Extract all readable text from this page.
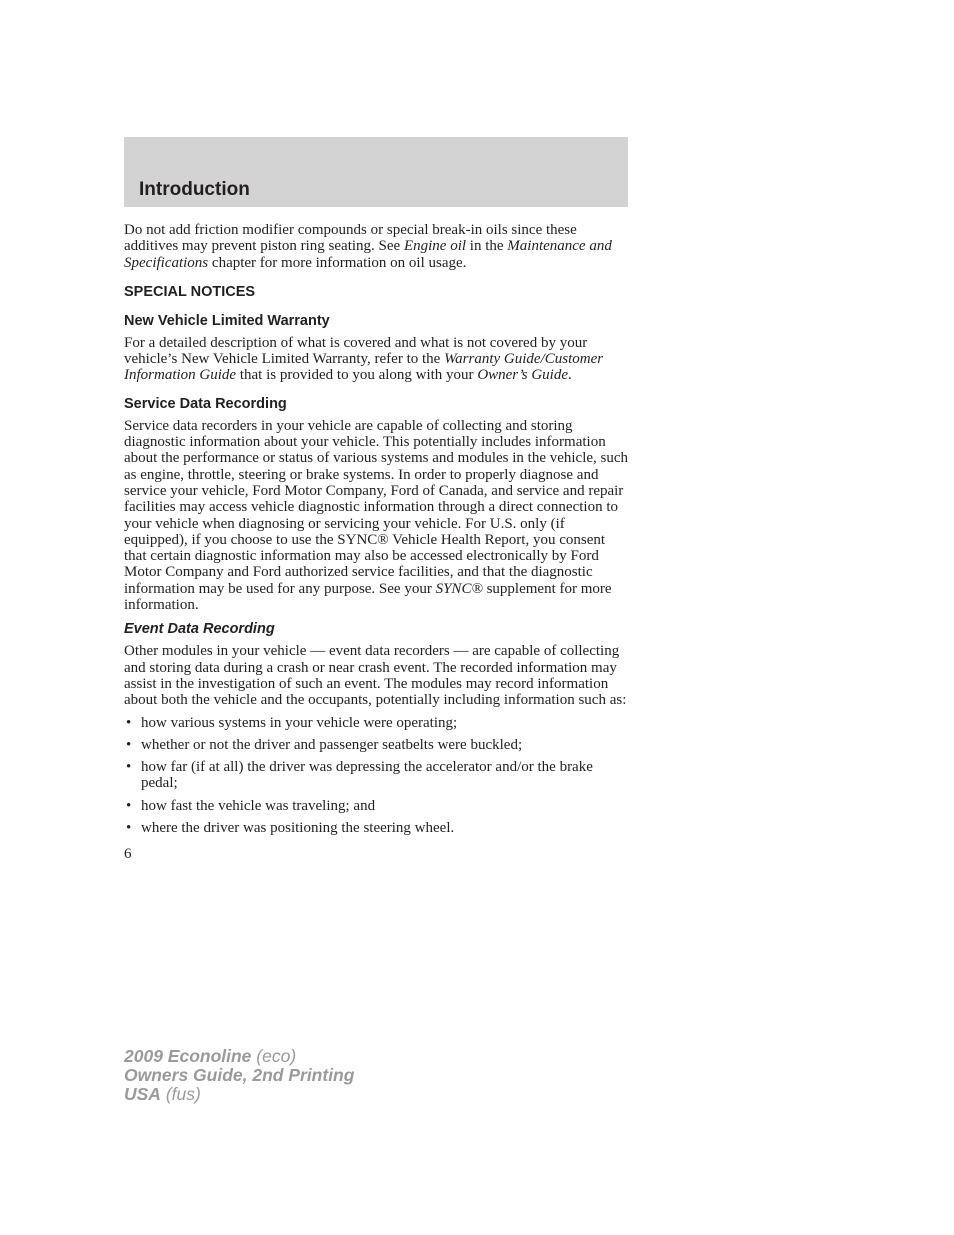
Introduction

Do not add friction modifier compounds or special break-in oils since these additives may prevent piston ring seating. See Engine oil in the Maintenance and Specifications chapter for more information on oil usage.

SPECIAL NOTICES
New Vehicle Limited Warranty

For a detailed description of what is covered and what is not covered by your vehicle’s New Vehicle Limited Warranty, refer to the Warranty Guide/Customer Information Guide that is provided to you along with your Owner’s Guide.

Service Data Recording

Service data recorders in your vehicle are capable of collecting and storing diagnostic information about your vehicle. This potentially includes information about the performance or status of various systems and modules in the vehicle, such as engine, throttle, steering or brake systems. In order to properly diagnose and service your vehicle, Ford Motor Company, Ford of Canada, and service and repair facilities may access vehicle diagnostic information through a direct connection to your vehicle when diagnosing or servicing your vehicle. For U.S. only (if equipped), if you choose to use the SYNC® Vehicle Health Report, you consent that certain diagnostic information may also be accessed electronically by Ford Motor Company and Ford authorized service facilities, and that the diagnostic information may be used for any purpose. See your SYNC® supplement for more information.

Event Data Recording

Other modules in your vehicle — event data recorders — are capable of collecting and storing data during a crash or near crash event. The recorded information may assist in the investigation of such an event. The modules may record information about both the vehicle and the occupants, potentially including information such as:

• how various systems in your vehicle were operating;
• whether or not the driver and passenger seatbelts were buckled;
• how far (if at all) the driver was depressing the accelerator and/or the brake pedal;
• how fast the vehicle was traveling; and
• where the driver was positioning the steering wheel.

6

2009 Econoline (eco)
Owners Guide, 2nd Printing
USA (fus)
